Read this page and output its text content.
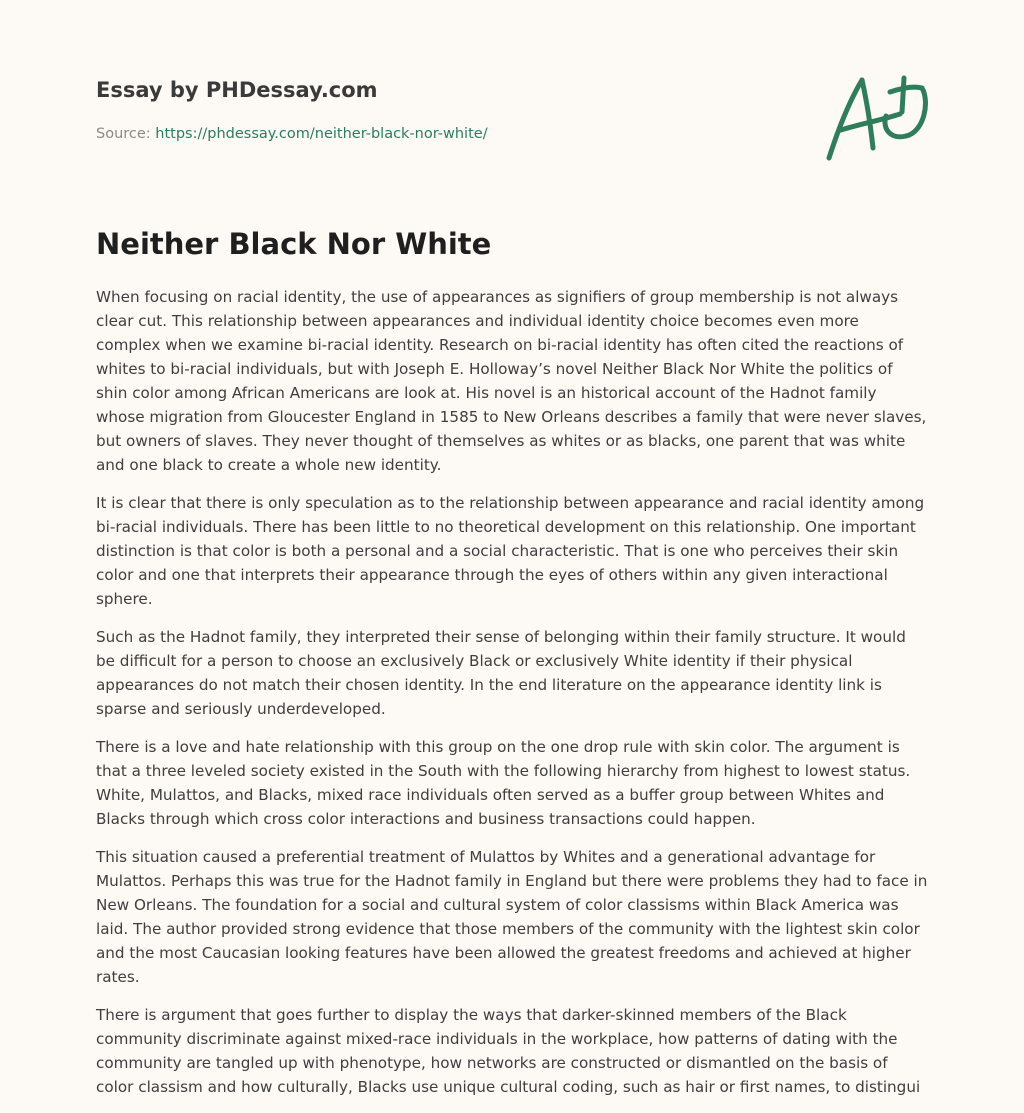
Essay by PHDessay.com
Source: https://phdessay.com/neither-black-nor-white/
Neither Black Nor White

When focusing on racial identity, the use of appearances as signifiers of group membership is not always clear cut. This relationship between appearances and individual identity choice becomes even more complex when we examine bi-racial identity. Research on bi-racial identity has often cited the reactions of whites to bi-racial individuals, but with Joseph E. Holloway’s novel Neither Black Nor White the politics of shin color among African Americans are look at. His novel is an historical account of the Hadnot family whose migration from Gloucester England in 1585 to New Orleans describes a family that were never slaves, but owners of slaves. They never thought of themselves as whites or as blacks, one parent that was white and one black to create a whole new identity.

It is clear that there is only speculation as to the relationship between appearance and racial identity among bi-racial individuals. There has been little to no theoretical development on this relationship. One important distinction is that color is both a personal and a social characteristic. That is one who perceives their skin color and one that interprets their appearance through the eyes of others within any given interactional sphere.

Such as the Hadnot family, they interpreted their sense of belonging within their family structure. It would be difficult for a person to choose an exclusively Black or exclusively White identity if their physical appearances do not match their chosen identity. In the end literature on the appearance identity link is sparse and seriously underdeveloped.

There is a love and hate relationship with this group on the one drop rule with skin color. The argument is that a three leveled society existed in the South with the following hierarchy from highest to lowest status. White, Mulattos, and Blacks, mixed race individuals often served as a buffer group between Whites and Blacks through which cross color interactions and business transactions could happen.

This situation caused a preferential treatment of Mulattos by Whites and a generational advantage for Mulattos. Perhaps this was true for the Hadnot family in England but there were problems they had to face in New Orleans. The foundation for a social and cultural system of color classisms within Black America was laid. The author provided strong evidence that those members of the community with the lightest skin color and the most Caucasian looking features have been allowed the greatest freedoms and achieved at higher rates.

There is argument that goes further to display the ways that darker-skinned members of the Black community discriminate against mixed-race individuals in the workplace, how patterns of dating with the community are tangled up with phenotype, how networks are constructed or dismantled on the basis of color classism and how culturally, Blacks use unique cultural coding, such as hair or first names, to distingui
